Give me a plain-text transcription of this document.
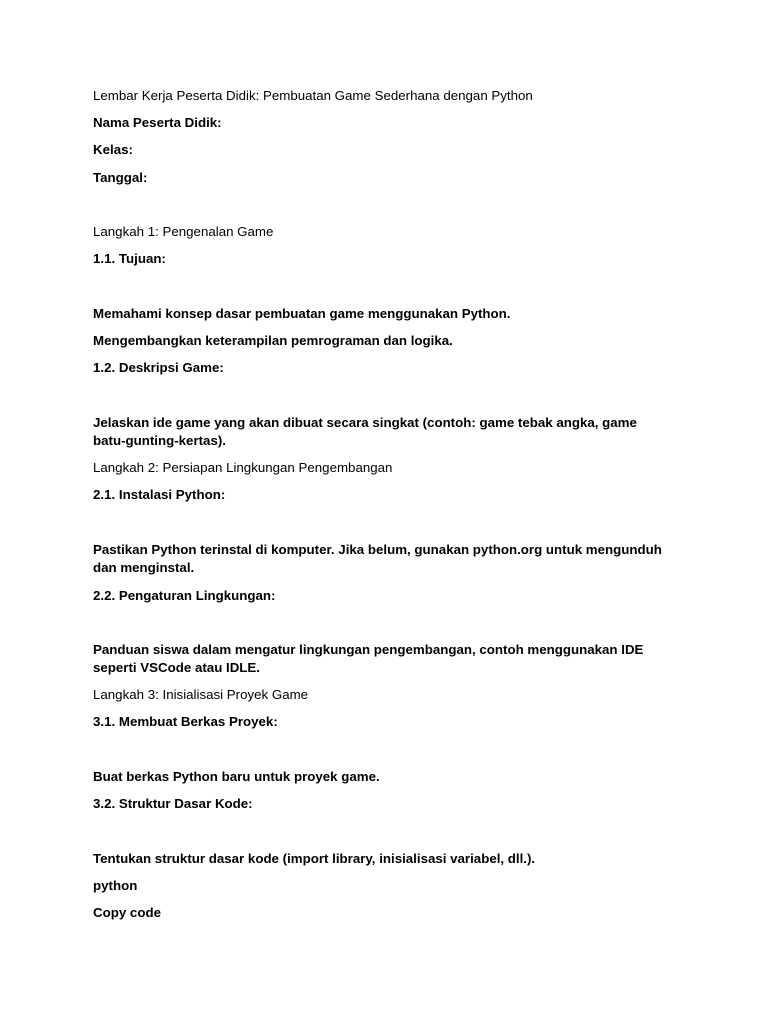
Lembar Kerja Peserta Didik: Pembuatan Game Sederhana dengan Python
Nama Peserta Didik:
Kelas:
Tanggal:
Langkah 1: Pengenalan Game
1.1. Tujuan:
Memahami konsep dasar pembuatan game menggunakan Python.
Mengembangkan keterampilan pemrograman dan logika.
1.2. Deskripsi Game:
Jelaskan ide game yang akan dibuat secara singkat (contoh: game tebak angka, game batu-gunting-kertas).
Langkah 2: Persiapan Lingkungan Pengembangan
2.1. Instalasi Python:
Pastikan Python terinstal di komputer. Jika belum, gunakan python.org untuk mengunduh dan menginstal.
2.2. Pengaturan Lingkungan:
Panduan siswa dalam mengatur lingkungan pengembangan, contoh menggunakan IDE seperti VSCode atau IDLE.
Langkah 3: Inisialisasi Proyek Game
3.1. Membuat Berkas Proyek:
Buat berkas Python baru untuk proyek game.
3.2. Struktur Dasar Kode:
Tentukan struktur dasar kode (import library, inisialisasi variabel, dll.).
python
Copy code
